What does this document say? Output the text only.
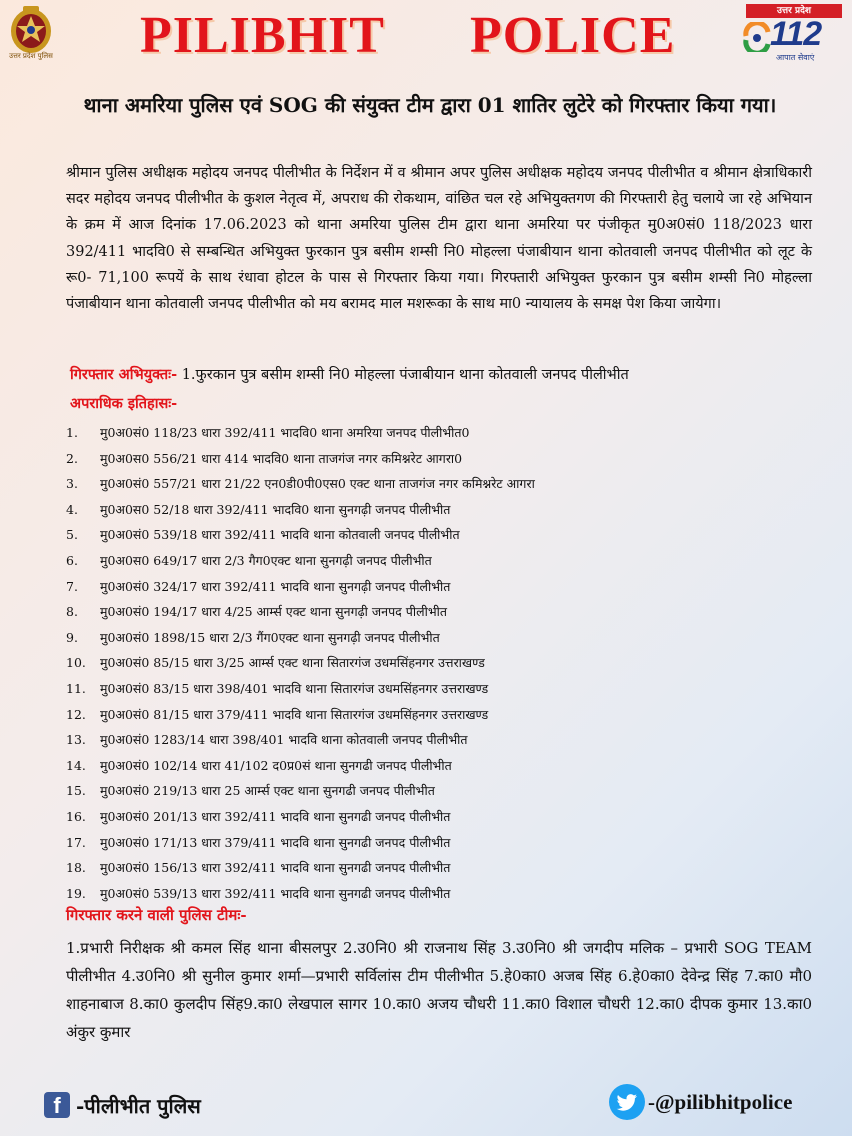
उत्तर प्रदेश पुलिस PILIBHIT POLICE	उत्तर प्रदेश
112
आपात सेवाएं
थाना अमरिया पुलिस एवं SOG की संयुक्त टीम द्वारा 01 शातिर लुटेरे को गिरफ्तार किया गया।
श्रीमान पुलिस अधीक्षक महोदय जनपद पीलीभीत के निर्देशन में व श्रीमान अपर पुलिस अधीक्षक महोदय जनपद पीलीभीत व श्रीमान क्षेत्राधिकारी सदर महोदय जनपद पीलीभीत के कुशल नेतृत्व में, अपराध की रोकथाम, वांछित चल रहे अभियुक्तगण की गिरफ्तारी हेतु चलाये जा रहे अभियान के क्रम में आज दिनांक 17.06.2023 को थाना अमरिया पुलिस टीम द्वारा थाना अमरिया पर पंजीकृत मु0अ0सं0 118/2023 धारा 392/411 भादवि0 से सम्बन्धित अभियुक्त फुरकान पुत्र बसीम शम्सी नि0 मोहल्ला पंजाबीयान थाना कोतवाली जनपद पीलीभीत को लूट के रू0- 71,100 रूपयें के साथ रंधावा होटल के पास से गिरफ्तार किया गया। गिरफ्तारी अभियुक्त फुरकान पुत्र बसीम शम्सी नि0 मोहल्ला पंजाबीयान थाना कोतवाली जनपद पीलीभीत को मय बरामद माल मशरूका के साथ मा0 न्यायालय के समक्ष पेश किया जायेगा।
गिरफ्तार अभियुक्तः- 1.फुरकान पुत्र बसीम शम्सी नि0 मोहल्ला पंजाबीयान थाना कोतवाली जनपद पीलीभीत
अपराधिक इतिहासः-
1. मु0अ0सं0 118/23 धारा 392/411 भादवि0 थाना अमरिया जनपद पीलीभीत0
2. मु0अ0स0 556/21 धारा 414 भादवि0 थाना ताजगंज नगर कमिश्नरेट आगरा0
3. मु0अ0सं0 557/21 धारा 21/22 एन0डी0पी0एस0 एक्ट थाना ताजगंज नगर कमिश्नरेट आगरा
4. मु0अ0स0 52/18 धारा 392/411 भादवि0 थाना सुनगढ़ी जनपद पीलीभीत
5. मु0अ0सं0 539/18 धारा 392/411 भादवि थाना कोतवाली जनपद पीलीभीत
6. मु0अ0स0 649/17 धारा 2/3 गैग0एक्ट थाना सुनगढ़ी जनपद पीलीभीत
7. मु0अ0सं0 324/17 धारा 392/411 भादवि थाना सुनगढ़ी जनपद पीलीभीत
8. मु0अ0सं0 194/17 धारा 4/25 आर्म्स एक्ट थाना सुनगढ़ी जनपद पीलीभीत
9. मु0अ0सं0 1898/15 धारा 2/3 गैंग0एक्ट थाना सुनगढ़ी जनपद पीलीभीत
10. मु0अ0सं0 85/15 धारा 3/25 आर्म्स एक्ट थाना सितारगंज उधमसिंहनगर उत्तराखण्ड
11. मु0अ0सं0 83/15 धारा 398/401 भादवि थाना सितारगंज उधमसिंहनगर उत्तराखण्ड
12. मु0अ0सं0 81/15 धारा 379/411 भादवि थाना सितारगंज उधमसिंहनगर उत्तराखण्ड
13. मु0अ0सं0 1283/14 धारा 398/401 भादवि थाना कोतवाली जनपद पीलीभीत
14. मु0अ0सं0 102/14 धारा 41/102 द0प्र0सं थाना सुनगढी जनपद पीलीभीत
15. मु0अ0सं0 219/13 धारा 25 आर्म्स एक्ट थाना सुनगढी जनपद पीलीभीत
16. मु0अ0सं0 201/13 धारा 392/411 भादवि थाना सुनगढी जनपद पीलीभीत
17. मु0अ0सं0 171/13 धारा 379/411 भादवि थाना सुनगढी जनपद पीलीभीत
18. मु0अ0सं0 156/13 धारा 392/411 भादवि थाना सुनगढी जनपद पीलीभीत
19. मु0अ0सं0 539/13 धारा 392/411 भादवि थाना सुनगढी जनपद पीलीभीत
गिरफ्तार करने वाली पुलिस टीमः-
1.प्रभारी निरीक्षक श्री कमल सिंह थाना बीसलपुर 2.उ0नि0 श्री राजनाथ सिंह 3.उ0नि0 श्री जगदीप मलिक – प्रभारी SOG TEAM पीलीभीत 4.उ0नि0 श्री सुनील कुमार शर्मा—प्रभारी सर्विलांस टीम पीलीभीत 5.हे0का0 अजब सिंह 6.हे0का0 देवेन्द्र सिंह 7.का0 मौ0 शाहनाबाज 8.का0 कुलदीप सिंह9.का0 लेखपाल सागर 10.का0 अजय चौधरी 11.का0 विशाल चौधरी 12.का0 दीपक कुमार 13.का0 अंकुर कुमार
f -पीलीभीत पुलिस	-@pilibhitpolice
